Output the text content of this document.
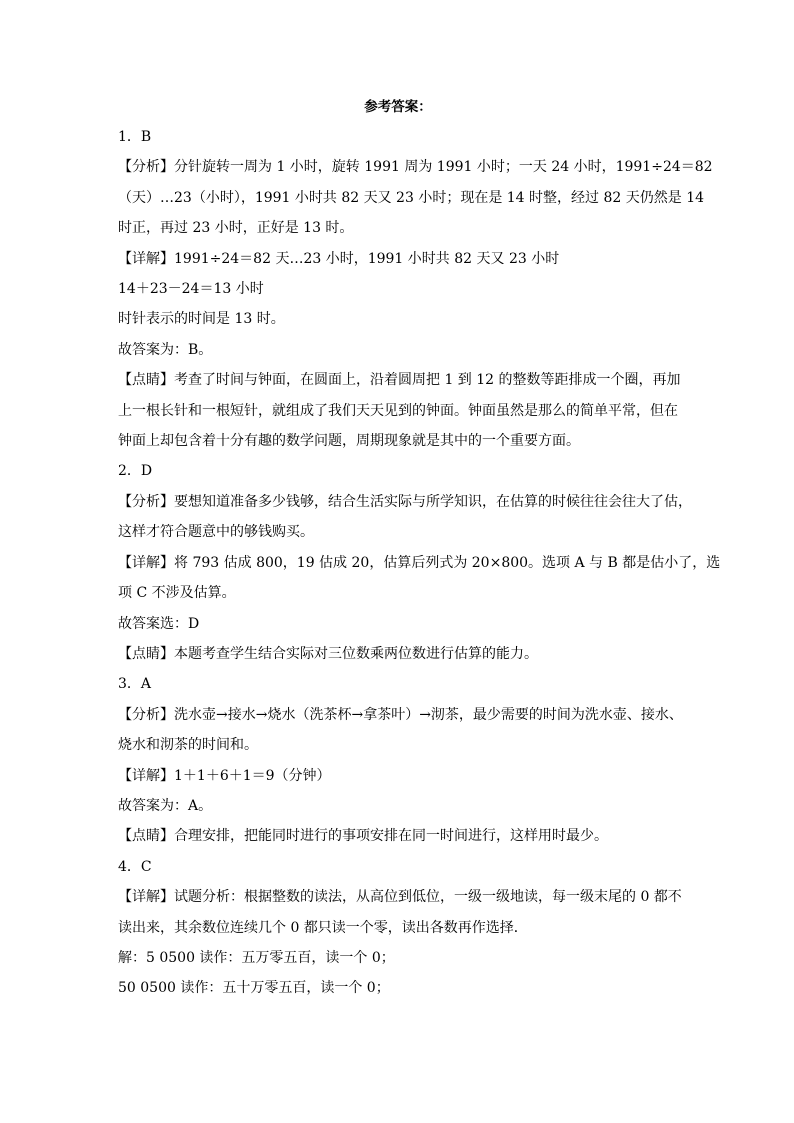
参考答案：
1．B
【分析】分针旋转一周为 1 小时，旋转 1991 周为 1991 小时；一天 24 小时，1991÷24＝82
（天）…23（小时），1991 小时共 82 天又 23 小时；现在是 14 时整，经过 82 天仍然是 14
时正，再过 23 小时，正好是 13 时。
【详解】1991÷24＝82 天…23 小时，1991 小时共 82 天又 23 小时
14＋23－24＝13 小时
时针表示的时间是 13 时。
故答案为：B。
【点睛】考查了时间与钟面，在圆面上，沿着圆周把 1 到 12 的整数等距排成一个圈，再加
上一根长针和一根短针，就组成了我们天天见到的钟面。钟面虽然是那么的简单平常，但在
钟面上却包含着十分有趣的数学问题，周期现象就是其中的一个重要方面。
2．D
【分析】要想知道准备多少钱够，结合生活实际与所学知识，在估算的时候往往会往大了估，
这样才符合题意中的够钱购买。
【详解】将 793 估成 800，19 估成 20，估算后列式为 20×800。选项 A 与 B 都是估小了，选
项 C 不涉及估算。
故答案选：D
【点睛】本题考查学生结合实际对三位数乘两位数进行估算的能力。
3．A
【分析】洗水壶→接水→烧水（洗茶杯→拿茶叶）→沏茶，最少需要的时间为洗水壶、接水、
烧水和沏茶的时间和。
【详解】1＋1＋6＋1＝9（分钟）
故答案为：A。
【点睛】合理安排，把能同时进行的事项安排在同一时间进行，这样用时最少。
4．C
【详解】试题分析：根据整数的读法，从高位到低位，一级一级地读，每一级末尾的 0 都不
读出来，其余数位连续几个 0 都只读一个零，读出各数再作选择．
解：5 0500 读作：五万零五百，读一个 0；
50 0500 读作：五十万零五百，读一个 0；
